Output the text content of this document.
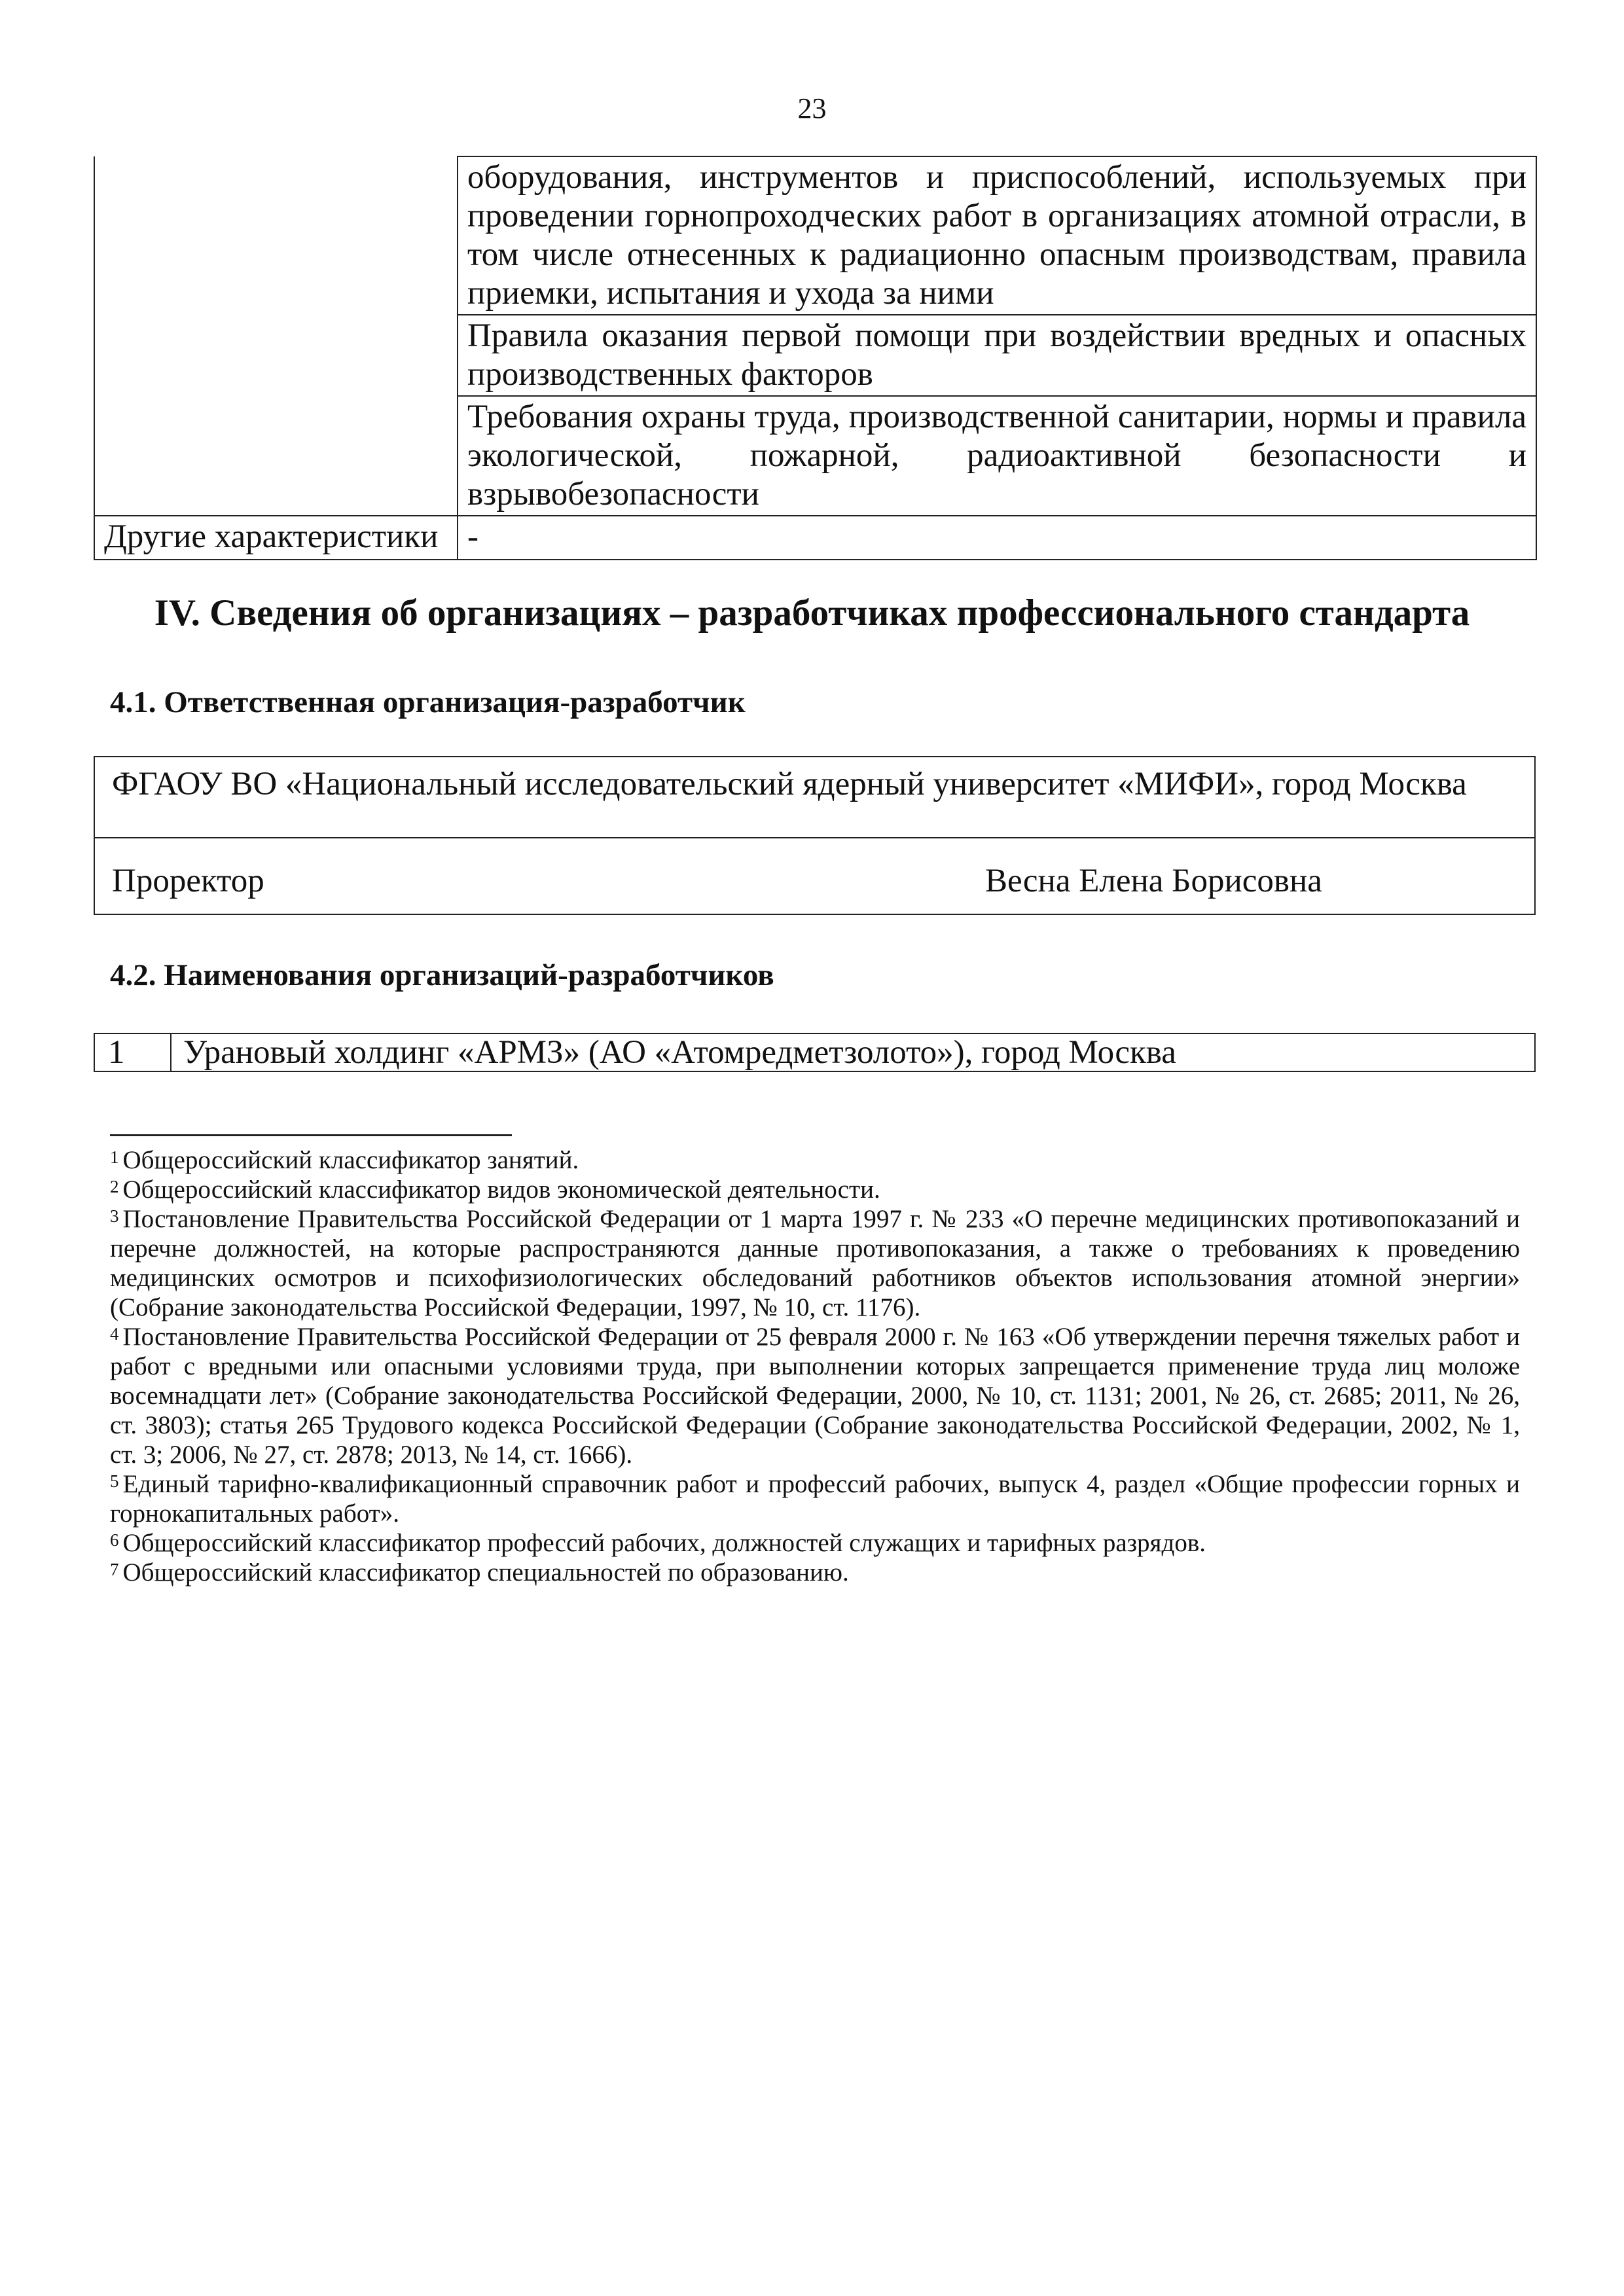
23
	оборудования, инструментов и приспособлений, используемых при проведении горнопроходческих работ в организациях атомной отрасли, в том числе отнесенных к радиационно опасным производствам, правила приемки, испытания и ухода за ними
	Правила оказания первой помощи при воздействии вредных и опасных производственных факторов
	Требования охраны труда, производственной санитарии, нормы и правила экологической, пожарной, радиоактивной безопасности и взрывобезопасности
Другие характеристики	-
IV. Сведения об организациях – разработчиках профессионального стандарта
4.1. Ответственная организация-разработчик
ФГАОУ ВО «Национальный исследовательский ядерный университет «МИФИ», город Москва
Проректор	Весна Елена Борисовна
4.2. Наименования организаций-разработчиков
1 Урановый холдинг «АРМЗ» (АО «Атомредметзолото»), город Москва

$^1$ Общероссийский классификатор занятий.

$^2$ Общероссийский классификатор видов экономической деятельности.

$^3$ Постановление Правительства Российской Федерации от 1 марта 1997 г. № 233 «О перечне медицинских противопоказаний и перечне должностей, на которые распространяются данные противопоказания, а также о требованиях к проведению медицинских осмотров и психофизиологических обследований работников объектов использования атомной энергии» (Собрание законодательства Российской Федерации, 1997, № 10, ст. 1176).

$^4$ Постановление Правительства Российской Федерации от 25 февраля 2000 г. № 163 «Об утверждении перечня тяжелых работ и работ с вредными или опасными условиями труда, при выполнении которых запрещается применение труда лиц моложе восемнадцати лет» (Собрание законодательства Российской Федерации, 2000, № 10, ст. 1131; 2001, № 26, ст. 2685; 2011, № 26, ст. 3803); статья 265 Трудового кодекса Российской Федерации (Собрание законодательства Российской Федерации, 2002, № 1, ст. 3; 2006, № 27, ст. 2878; 2013, № 14, ст. 1666).

$^5$ Единый тарифно-квалификационный справочник работ и профессий рабочих, выпуск 4, раздел «Общие профессии горных и горнокапитальных работ».

$^6$ Общероссийский классификатор профессий рабочих, должностей служащих и тарифных разрядов.

$^7$ Общероссийский классификатор специальностей по образованию.
